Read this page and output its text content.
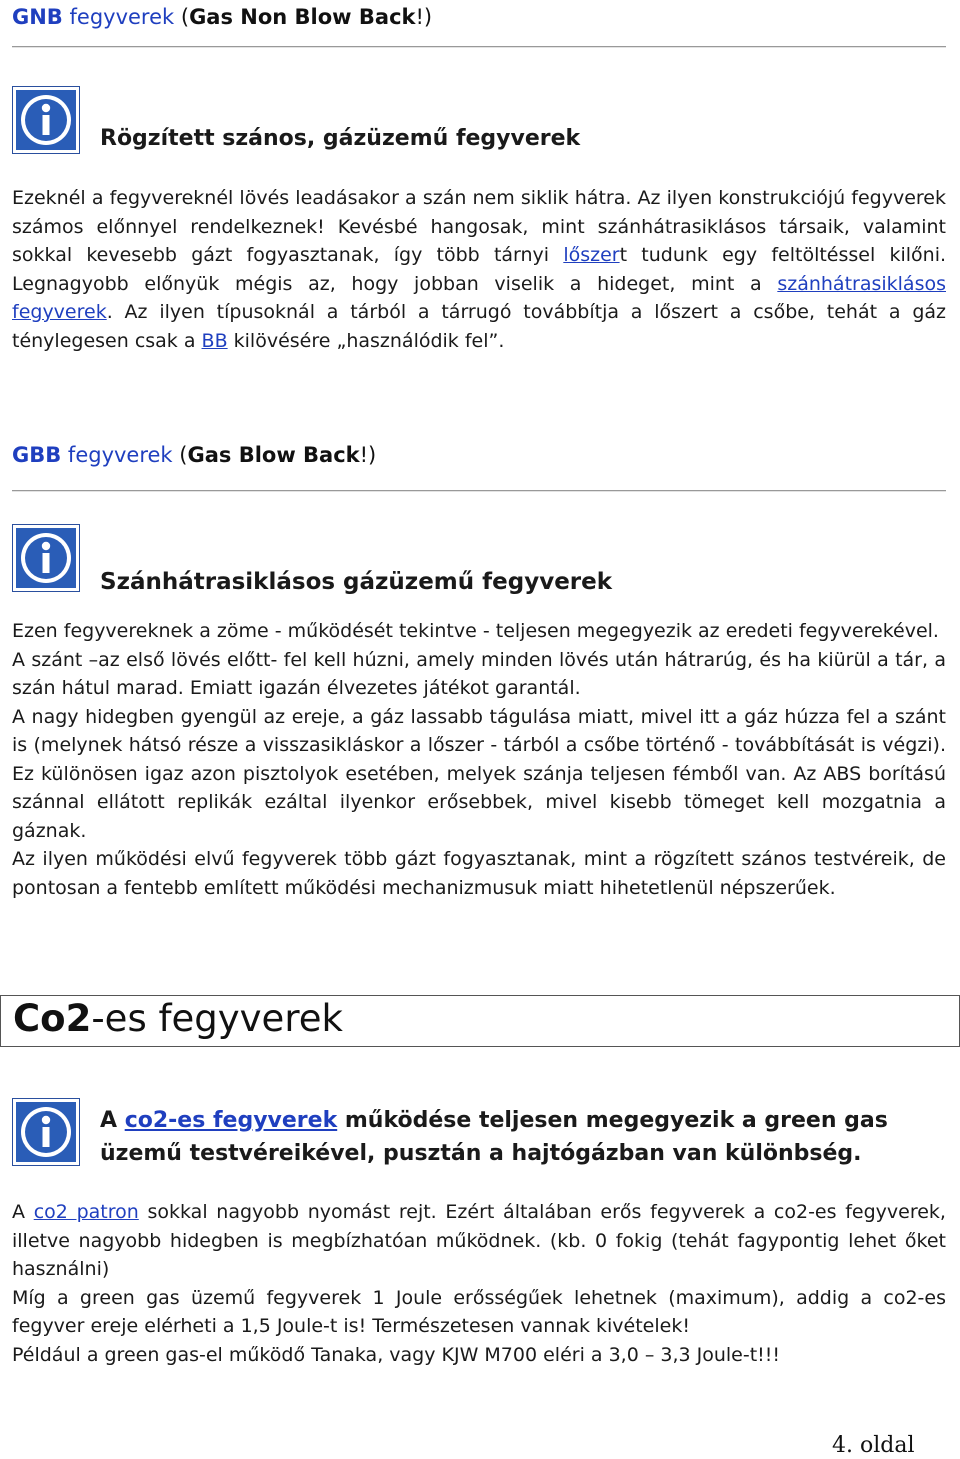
GNB fegyverek (Gas Non Blow Back!)
Rögzített szános, gázüzemű fegyverek

Ezeknél a fegyvereknél lövés leadásakor a szán nem siklik hátra. Az ilyen konstrukciójú fegyverek számos előnnyel rendelkeznek! Kevésbé hangosak, mint szánhátrasiklásos társaik, valamint sokkal kevesebb gázt fogyasztanak, így több tárnyi lőszert tudunk egy feltöltéssel kilőni. Legnagyobb előnyük mégis az, hogy jobban viselik a hideget, mint a szánhátrasiklásos fegyverek. Az ilyen típusoknál a tárból a tárrugó továbbítja a lőszert a csőbe, tehát a gáz ténylegesen csak a BB kilövésére „használódik fel”.

GBB fegyverek (Gas Blow Back!)
Szánhátrasiklásos gázüzemű fegyverek

Ezen fegyvereknek a zöme - működését tekintve - teljesen megegyezik az eredeti fegyverekével.

A szánt –az első lövés előtt- fel kell húzni, amely minden lövés után hátrarúg, és ha kiürül a tár, a szán hátul marad. Emiatt igazán élvezetes játékot garantál.

A nagy hidegben gyengül az ereje, a gáz lassabb tágulása miatt, mivel itt a gáz húzza fel a szánt is (melynek hátsó része a visszasikláskor a lőszer - tárból a csőbe történő - továbbítását is végzi). Ez különösen igaz azon pisztolyok esetében, melyek szánja teljesen fémből van. Az ABS borítású szánnal ellátott replikák ezáltal ilyenkor erősebbek, mivel kisebb tömeget kell mozgatnia a gáznak.

Az ilyen működési elvű fegyverek több gázt fogyasztanak, mint a rögzített szános testvéreik, de pontosan a fentebb említett működési mechanizmusuk miatt hihetetlenül népszerűek.

Co2-es fegyverek
A co2-es fegyverek működése teljesen megegyezik a green gas üzemű testvéreikével, pusztán a hajtógázban van különbség.

A co2 patron sokkal nagyobb nyomást rejt. Ezért általában erős fegyverek a co2-es fegyverek, illetve nagyobb hidegben is megbízhatóan működnek. (kb. 0 fokig (tehát fagypontig lehet őket használni)

Míg a green gas üzemű fegyverek 1 Joule erősségűek lehetnek (maximum), addig a co2-es fegyver ereje elérheti a 1,5 Joule-t is! Természetesen vannak kivételek!

Például a green gas-el működő Tanaka, vagy KJW M700 eléri a 3,0 – 3,3 Joule-t!!!

4. oldal
